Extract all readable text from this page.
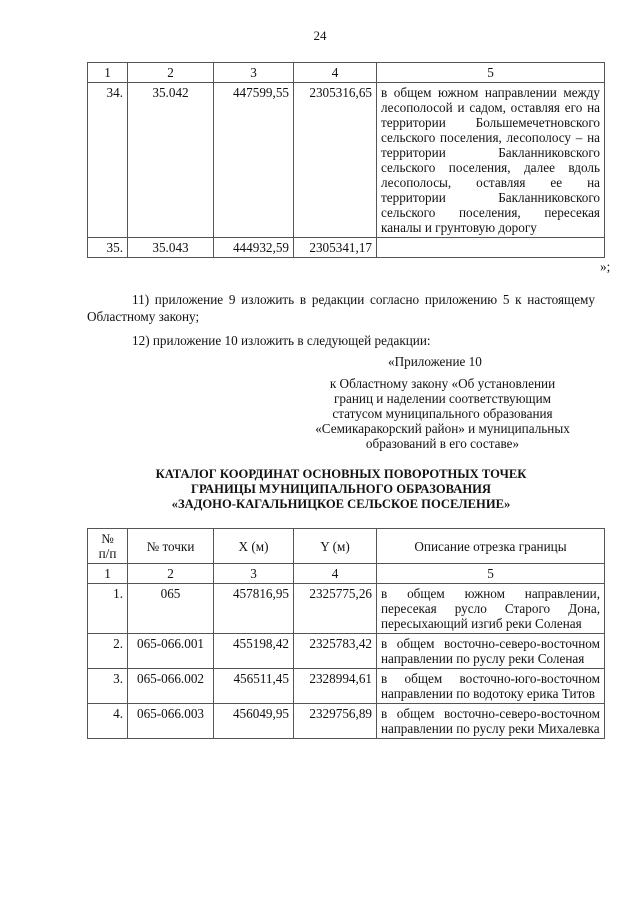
24
1	2	3	4	5
34.	35.042	447599,55	2305316,65	в общем южном направлении между лесополосой и садом, оставляя его на территории Большемечетновского сельского поселения, лесополосу – на территории Бакланниковского сельского поселения, далее вдоль лесополосы, оставляя ее на территории Бакланниковского сельского поселения, пересекая каналы и грунтовую дорогу
35.	35.043	444932,59	2305341,17	
»;
11) приложение 9 изложить в редакции согласно приложению 5 к настоящему Областному закону;
12) приложение 10 изложить в следующей редакции:
«Приложение 10
к Областному закону «Об установлении
границ и наделении соответствующим
статусом муниципального образования
«Семикаракорский район» и муниципальных
образований в его составе»
КАТАЛОГ КООРДИНАТ ОСНОВНЫХ ПОВОРОТНЫХ ТОЧЕК
ГРАНИЦЫ МУНИЦИПАЛЬНОГО ОБРАЗОВАНИЯ
«ЗАДОНО-КАГАЛЬНИЦКОЕ СЕЛЬСКОЕ ПОСЕЛЕНИЕ»
№
п/п	№ точки	X (м)	Y (м)	Описание отрезка границы
1	2	3	4	5
1.	065	457816,95	2325775,26	в общем южном направлении, пересекая русло Старого Дона, пересыхающий изгиб реки Соленая
2.	065-066.001	455198,42	2325783,42	в общем восточно-северо-восточном направлении по руслу реки Соленая
3.	065-066.002	456511,45	2328994,61	в общем восточно-юго-восточном направлении по водотоку ерика Титов
4.	065-066.003	456049,95	2329756,89	в общем восточно-северо-восточном направлении по руслу реки Михалевка
